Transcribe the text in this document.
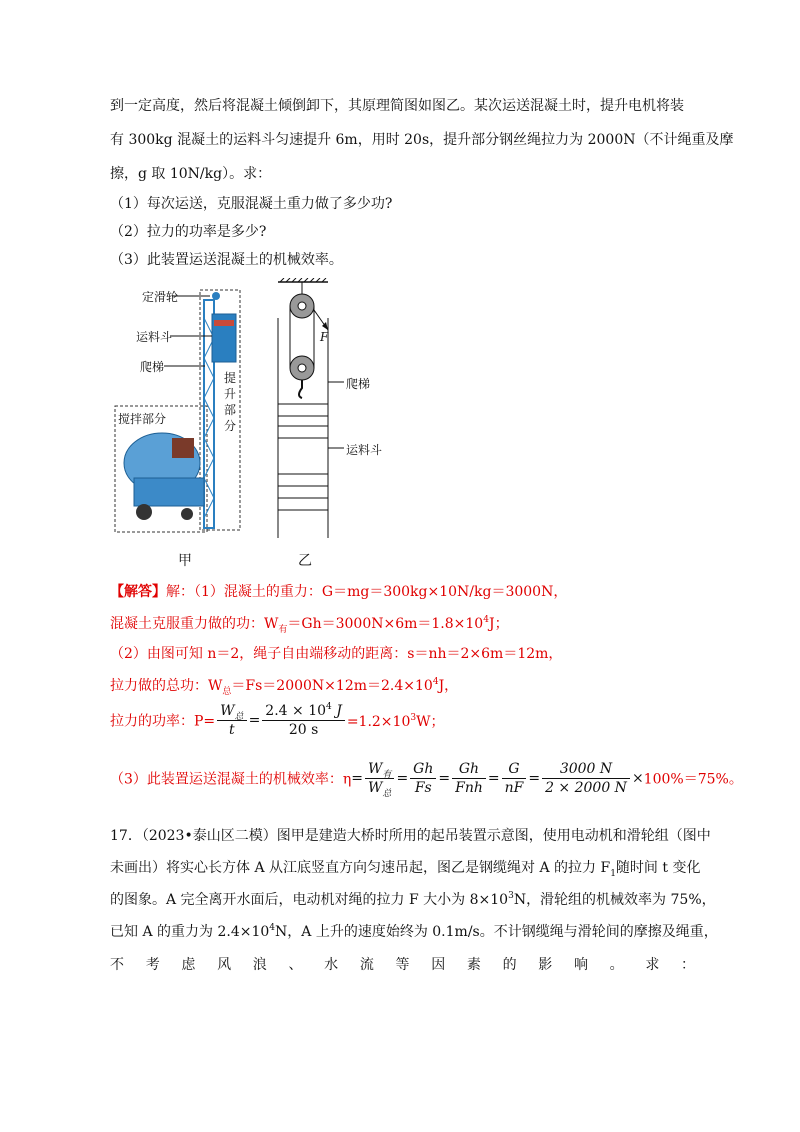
到一定高度，然后将混凝土倾倒卸下，其原理简图如图乙。某次运送混凝土时，提升电机将装
有 300kg 混凝土的运料斗匀速提升 6m，用时 20s，提升部分钢丝绳拉力为 2000N（不计绳重及摩
擦，g 取 10N/kg）。求：
（1）每次运送，克服混凝土重力做了多少功?
（2）拉力的功率是多少?
（3）此装置运送混凝土的机械效率。
定滑轮
运料斗
爬梯
搅拌部分
提
升
部
分
甲
F
爬梯
运料斗
乙
【解答】解：（1）混凝土的重力：G＝mg＝300kg×10N/kg＝3000N，
混凝土克服重力做的功：$W_有=Gh=3000N\times 6m=1.8\times 10^4J$；
（2）由图可知 n＝2，绳子自由端移动的距离：s＝nh＝2×6m＝12m，
拉力做的总功：$W_总=Fs=2000N\times 12m=2.4\times 10^4J$，
拉力的功率：$P= \frac{W_总}{t} = \frac{2.4 \times 10^4 J}{20 s} =1.2\times 10^3W$；
（3）此装置运送混凝土的机械效率：$\eta= \frac{W_有}{W_总} = \frac{Gh}{Fs} = \frac{Gh}{\text{Fnh}} = \frac{G}{nF} = \frac{3000 N}{2 \times 2000 N} \times 100\%=75\%$。
17．（2023•泰山区二模）图甲是建造大桥时所用的起吊装置示意图，使用电动机和滑轮组（图中
未画出）将实心长方体 A 从江底竖直方向匀速吊起，图乙是钢缆绳对 A 的拉力 $F_1$随时间 t 变化
的图象。A 完全离开水面后，电动机对绳的拉力 F 大小为 $8\times 10^3N$，滑轮组的机械效率为 75%，
已知 A 的重力为 $2.4\times 10^4N$，A 上升的速度始终为 0.1m/s。不计钢缆绳与滑轮间的摩擦及绳重，
不 考 虑 风 浪 、 水 流 等 因 素 的 影 响 。 求 ：
